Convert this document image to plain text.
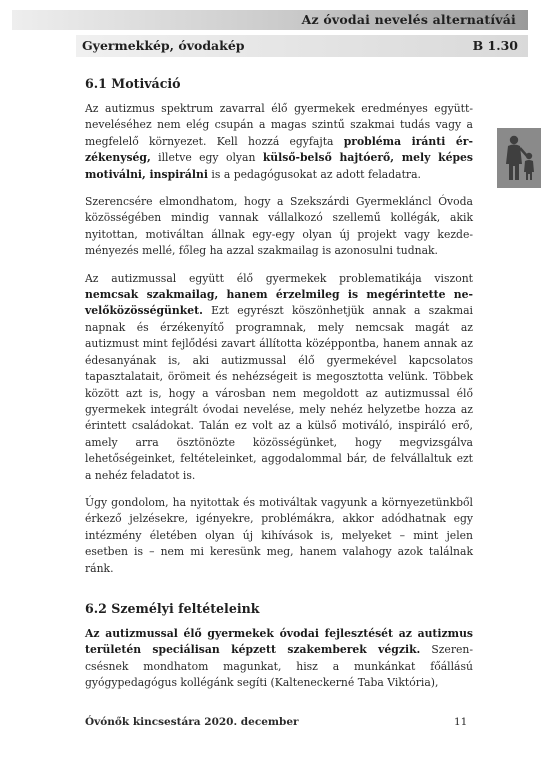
Az óvodai nevelés alternatívái
Gyermekkép, óvodakép	B 1.30
6.1 Motiváció

Az autizmus spektrum zavarral élő gyermekek eredményes együttneveléséhez nem elég csupán a magas szintű szakmai tudás vagy a megfelelő környezet. Kell hozzá egyfajta probléma iránti érzékenység, illetve egy olyan külső-belső hajtóerő, mely képes motiválni, inspirálni is a pedagógusokat az adott feladatra.

Szerencsére elmondhatom, hogy a Szekszárdi Gyermekláncl Óvoda közösségében mindig vannak vállalkozó szellemű kollégák, akik nyitottan, motiváltan állnak egy-egy olyan új projekt vagy kezdeményezés mellé, főleg ha azzal szakmailag is azonosulni tudnak.

Az autizmussal együtt élő gyermekek problematikája viszont nemcsak szakmailag, hanem érzelmileg is megérintette nevelőközösségünket. Ezt egyrészt köszönhetjük annak a szakmai napnak és érzékenyítő programnak, mely nemcsak magát az autizmust mint fejlődési zavart állította középpontba, hanem annak az édesanyának is, aki autizmussal élő gyermekével kapcsolatos tapasztalatait, örömeit és nehézségeit is megosztotta velünk. Többek között azt is, hogy a városban nem megoldott az autizmussal élő gyermekek integrált óvodai nevelése, mely nehéz helyzetbe hozza az érintett családokat. Talán ez volt az a külső motiváló, inspiráló erő, amely arra ösztönözte közösségünket, hogy megvizsgálva lehetőségeinket, feltételeinket, aggodalommal bár, de felvállaltuk ezt a nehéz feladatot is.

Úgy gondolom, ha nyitottak és motiváltak vagyunk a környezetünkből érkező jelzésekre, igényekre, problémákra, akkor adódhatnak egy intézmény életében olyan új kihívások is, melyeket – mint jelen esetben is – nem mi keresünk meg, hanem valahogy azok találnak ránk.

6.2 Személyi feltételeink

Az autizmussal élő gyermekek óvodai fejlesztését az autizmus területén speciálisan képzett szakemberek végzik. Szerencsésnek mondhatom magunkat, hisz a munkánkat főállású gyógypedagógus kollégánk segíti (Kalteneckerné Taba Viktória),

Óvónők kincsestára 2020. december	11
